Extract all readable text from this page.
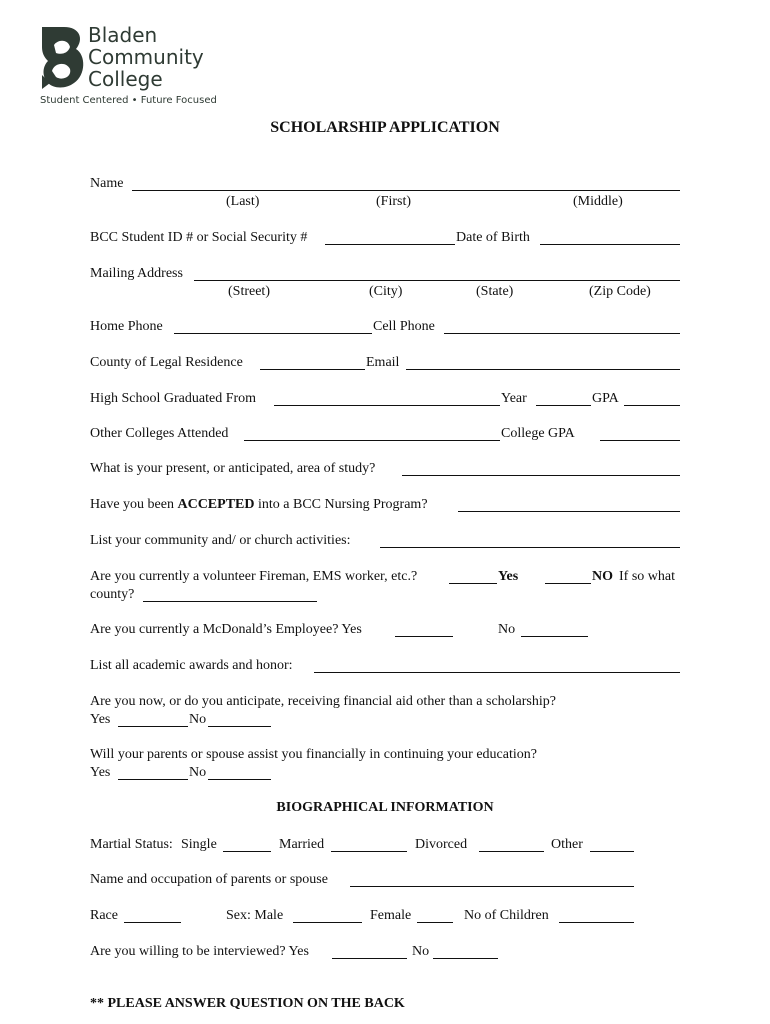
Bladen
Community
College
Student Centered • Future Focused
SCHOLARSHIP APPLICATION
Name
(Last)	(First)	(Middle)
BCC Student ID # or Social Security #	Date of Birth
Mailing Address
(Street)	(City)	(State)	(Zip Code)
Home Phone	Cell Phone
County of Legal Residence	Email
High School Graduated From	Year	GPA
Other Colleges Attended	College GPA
What is your present, or anticipated, area of study?
Have you been ACCEPTED into a BCC Nursing Program?
List your community and/ or church activities:
Are you currently a volunteer Fireman, EMS worker, etc.?	Yes	NO If so what
county?
Are you currently a McDonald’s Employee? Yes	No
List all academic awards and honor:
Are you now, or do you anticipate, receiving financial aid other than a scholarship?
Yes	No
Will your parents or spouse assist you financially in continuing your education?
Yes	No
BIOGRAPHICAL INFORMATION
Martial Status: Single	Married	Divorced	Other
Name and occupation of parents or spouse
Race	Sex: Male	Female	No of Children
Are you willing to be interviewed? Yes	No
** PLEASE ANSWER QUESTION ON THE BACK
